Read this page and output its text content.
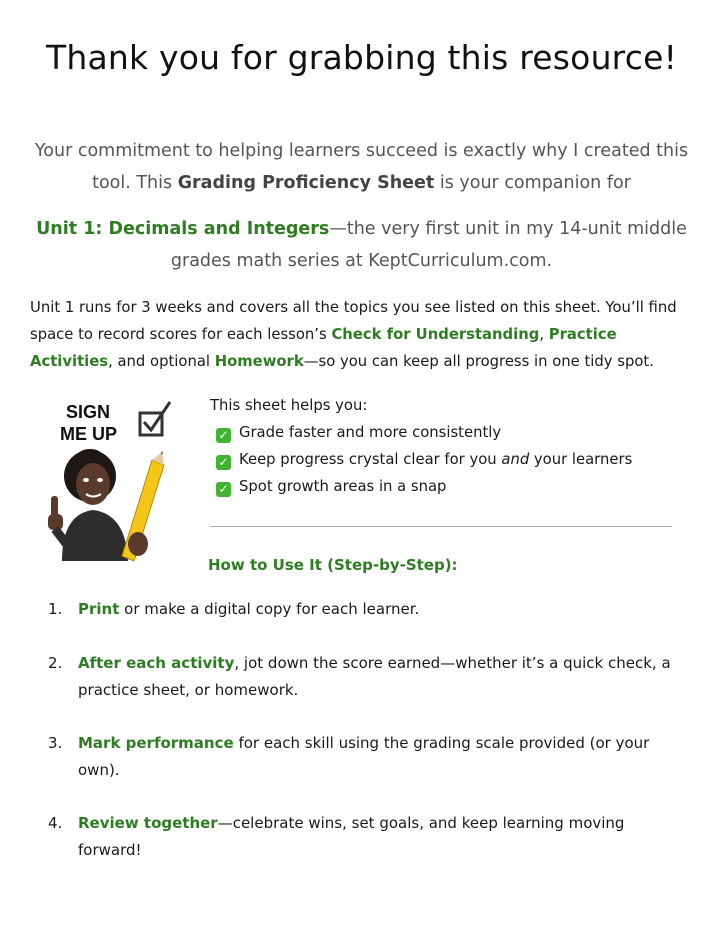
Thank you for grabbing this resource!
Your commitment to helping learners succeed is exactly why I created this tool. This Grading Proficiency Sheet is your companion for
Unit 1: Decimals and Integers—the very first unit in my 14-unit middle grades math series at KeptCurriculum.com.
Unit 1 runs for 3 weeks and covers all the topics you see listed on this sheet. You’ll find space to record scores for each lesson’s Check for Understanding, Practice Activities, and optional Homework—so you can keep all progress in one tidy spot.
SIGN
ME UP
This sheet helps you:
✓ Grade faster and more consistently
✓ Keep progress crystal clear for you and your learners
✓ Spot growth areas in a snap
How to Use It (Step-by-Step):
1.	Print or make a digital copy for each learner.
2.	After each activity, jot down the score earned—whether it’s a quick check, a practice sheet, or homework.
3.	Mark performance for each skill using the grading scale provided (or your own).
4.	Review together—celebrate wins, set goals, and keep learning moving forward!
